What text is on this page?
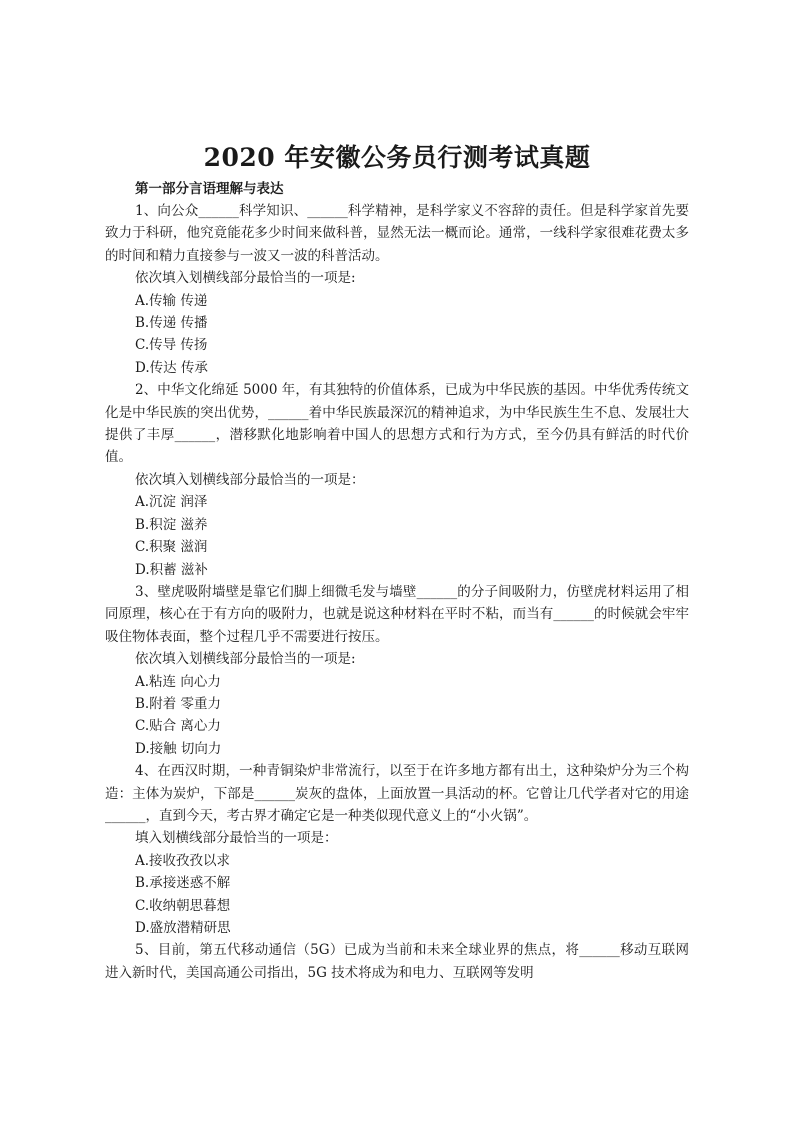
2020 年安徽公务员行测考试真题

第一部分言语理解与表达

1、向公众______科学知识、______科学精神，是科学家义不容辞的责任。但是科学家首先要致力于科研，他究竟能花多少时间来做科普，显然无法一概而论。通常，一线科学家很难花费太多的时间和精力直接参与一波又一波的科普活动。

依次填入划横线部分最恰当的一项是:

A.传输 传递

B.传递 传播

C.传导 传扬

D.传达 传承

2、中华文化绵延 5000 年，有其独特的价值体系，已成为中华民族的基因。中华优秀传统文化是中华民族的突出优势，______着中华民族最深沉的精神追求，为中华民族生生不息、发展壮大提供了丰厚______，潜移默化地影响着中国人的思想方式和行为方式，至今仍具有鲜活的时代价值。

依次填入划横线部分最恰当的一项是：

A.沉淀 润泽

B.积淀 滋养

C.积聚 滋润

D.积蓄 滋补

3、壁虎吸附墙壁是靠它们脚上细微毛发与墙壁______的分子间吸附力，仿壁虎材料运用了相同原理，核心在于有方向的吸附力，也就是说这种材料在平时不粘，而当有______的时候就会牢牢吸住物体表面，整个过程几乎不需要进行按压。

依次填入划横线部分最恰当的一项是:

A.粘连 向心力

B.附着 零重力

C.贴合 离心力

D.接触 切向力

4、在西汉时期，一种青铜染炉非常流行，以至于在许多地方都有出土，这种染炉分为三个构造：主体为炭炉，下部是______炭灰的盘体，上面放置一具活动的杯。它曾让几代学者对它的用途______，直到今天，考古界才确定它是一种类似现代意义上的“小火锅”。

填入划横线部分最恰当的一项是：

A.接收孜孜以求

B.承接迷惑不解

C.收纳朝思暮想

D.盛放潜精研思

5、目前，第五代移动通信（5G）已成为当前和未来全球业界的焦点，将______移动互联网进入新时代，美国高通公司指出，5G 技术将成为和电力、互联网等发明
